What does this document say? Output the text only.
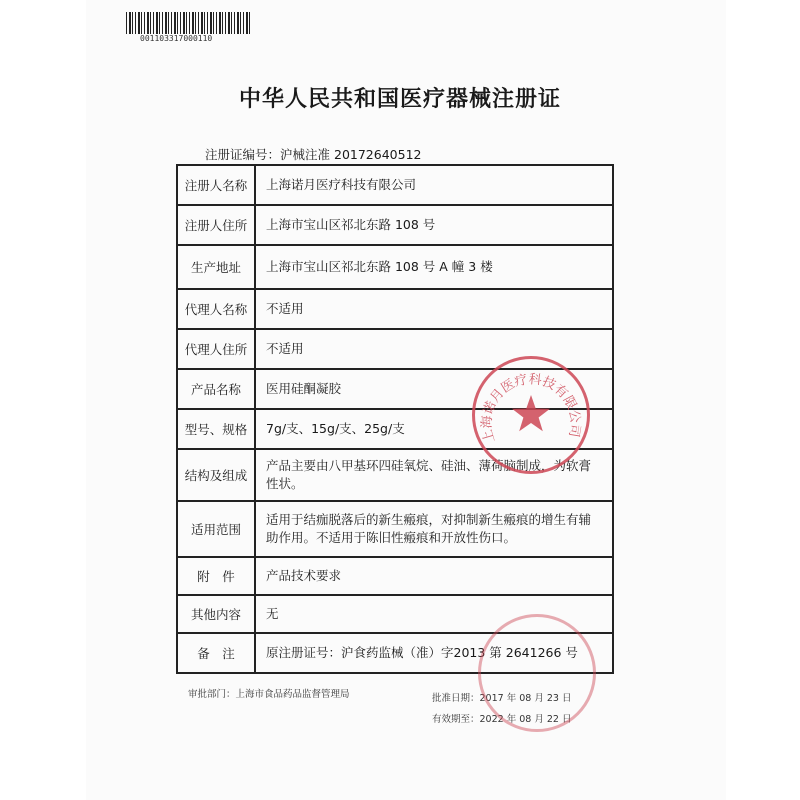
001103317000110
中华人民共和国医疗器械注册证
注册证编号：沪械注准 20172640512
注册人名称	上海诺月医疗科技有限公司
注册人住所	上海市宝山区祁北东路 108 号
生产地址	上海市宝山区祁北东路 108 号 A 幢 3 楼
代理人名称	不适用
代理人住所	不适用
产品名称	医用硅酮凝胶
型号、规格	7g/支、15g/支、25g/支
结构及组成	产品主要由八甲基环四硅氧烷、硅油、薄荷脑制成，为软膏性状。
适用范围	适用于结痂脱落后的新生瘢痕，对抑制新生瘢痕的增生有辅助作用。不适用于陈旧性瘢痕和开放性伤口。
附　件	产品技术要求
其他内容	无
备　注	原注册证号：沪食药监械（准）字2013 第 2641266 号
审批部门：上海市食品药品监督管理局	批准日期：2017 年 08 月 23 日
有效期至：2022 年 08 月 22 日
上海诺月医疗科技有限公司
